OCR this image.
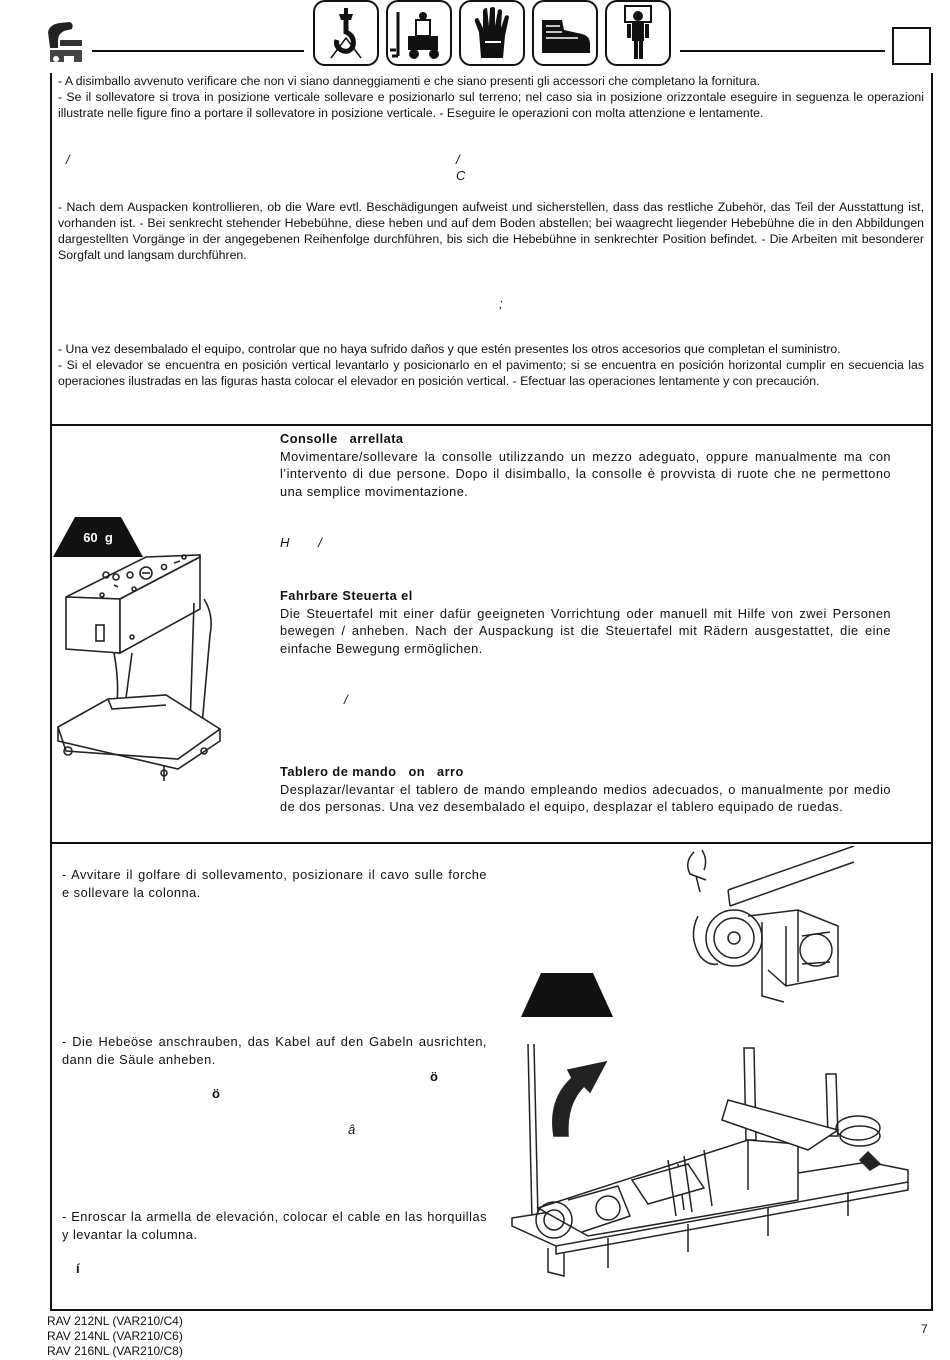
- A disimballo avvenuto verificare che non vi siano danneggiamenti e che siano presenti gli accessori che completano la fornitura.
- Se il sollevatore si trova in posizione verticale sollevare e posizionarlo sul terreno; nel caso sia in posizione orizzontale eseguire in seguenza le operazioni illustrate nelle figure fino a portare il sollevatore in posizione verticale. - Eseguire le operazioni con molta attenzione e lentamente.
/	/
C
- Nach dem Auspacken kontrollieren, ob die Ware evtl. Beschädigungen aufweist und sicherstellen, dass das restliche Zubehör, das Teil der Ausstattung ist, vorhanden ist. - Bei senkrecht stehender Hebebühne, diese heben und auf dem Boden abstellen; bei waagrecht liegender Hebebühne die in den Abbildungen dargestellten Vorgänge in der angegebenen Reihenfolge durchführen, bis sich die Hebebühne in senkrechter Position befindet. - Die Arbeiten mit besonderer Sorgfalt und langsam durchführen.
;
- Una vez desembalado el equipo, controlar que no haya sufrido daños y que estén presentes los otros accesorios que completan el suministro.
- Si el elevador se encuentra en posición vertical levantarlo y posicionarlo en el pavimento; si se encuentra en posición horizontal cumplir en secuencia las operaciones ilustradas en las figuras hasta colocar el elevador en posición vertical. - Efectuar las operaciones lentamente y con precaución.
60  g
Consolle   arrellata
Movimentare/sollevare la consolle utilizzando un mezzo adeguato, oppure manualmente ma con l’intervento di due persone. Dopo il disimballo, la consolle è provvista di ruote che ne permettono una semplice movimentazione.
H        /
Fahrbare Steuerta el
Die Steuertafel mit einer dafür geeigneten Vorrichtung oder manuell mit Hilfe von zwei Personen bewegen / anheben. Nach der Auspackung ist die Steuertafel mit Rädern ausgestattet, die eine einfache Bewegung ermöglichen.
/
Tablero de mando   on   arro
Desplazar/levantar el tablero de mando empleando medios adecuados, o manualmente por medio de dos personas. Una vez desembalado el equipo, desplazar el tablero equipado de ruedas.
- Avvitare il golfare di sollevamento, posizionare il cavo sulle forche e sollevare la colonna.
- Die Hebeöse anschrauben, das Kabel auf den Gabeln ausrichten, dann die Säule anheben.
ö
ö
â
- Enroscar la armella de elevación, colocar el cable en las horquillas y levantar la columna.
í
RAV 212NL (VAR210/C4)
RAV 214NL (VAR210/C6)
RAV 216NL (VAR210/C8)
7
